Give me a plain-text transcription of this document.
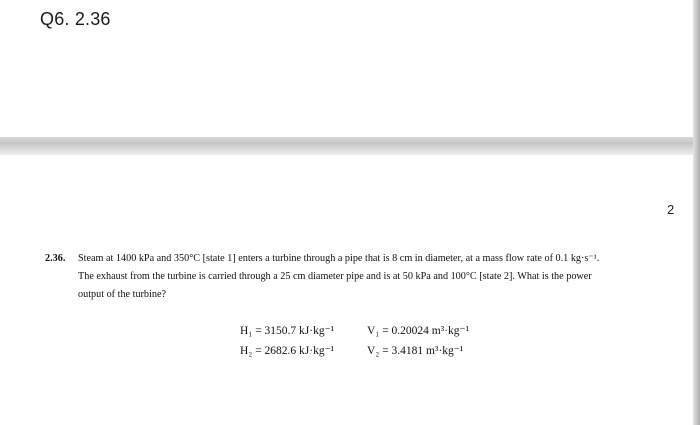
Q6. 2.36
2
2.36. Steam at 1400 kPa and 350°C [state 1] enters a turbine through a pipe that is 8 cm in diameter, at a mass flow rate of 0.1 kg·s⁻¹.

The exhaust from the turbine is carried through a 25 cm diameter pipe and is at 50 kPa and 100°C [state 2]. What is the power

output of the turbine?

H₁ = 3150.7 kJ·kg⁻¹	V₁ = 0.20024 m³·kg⁻¹
H₂ = 2682.6 kJ·kg⁻¹	V₂ = 3.4181 m³·kg⁻¹
